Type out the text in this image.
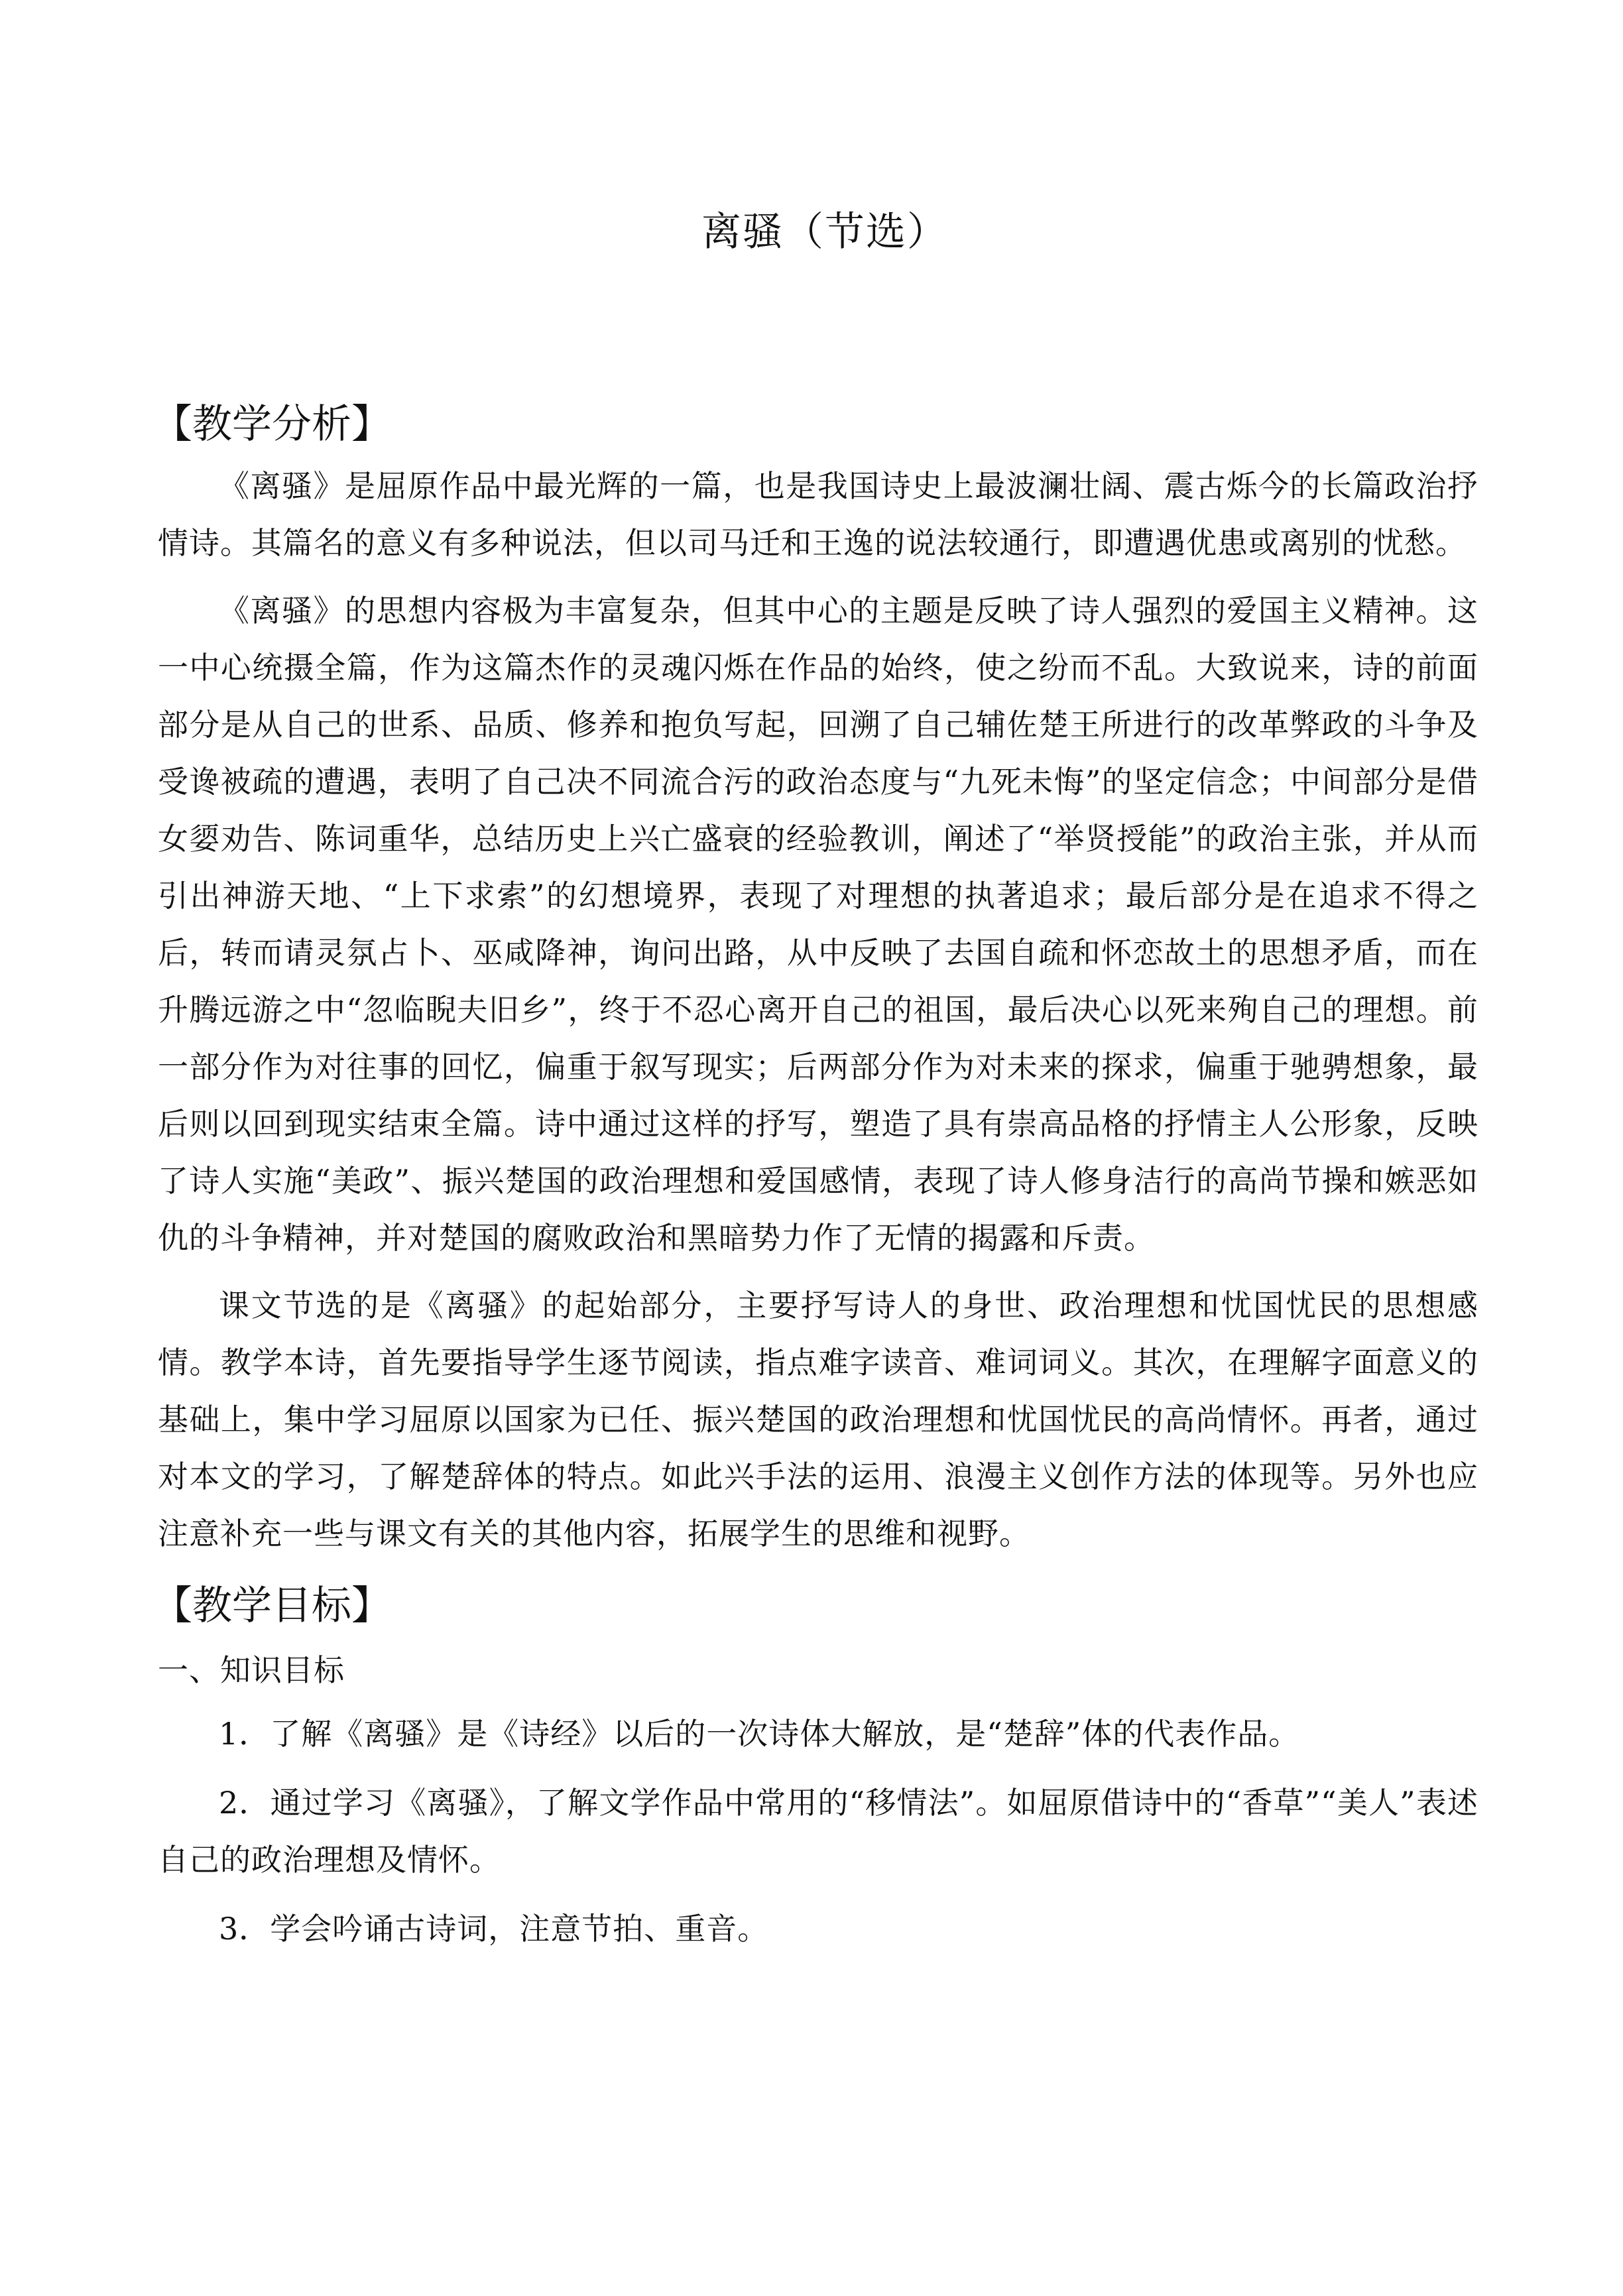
离骚（节选）
【教学分析】

《离骚》是屈原作品中最光辉的一篇，也是我国诗史上最波澜壮阔、震古烁今的长篇政治抒情诗。其篇名的意义有多种说法，但以司马迁和王逸的说法较通行，即遭遇优患或离别的忧愁。

《离骚》的思想内容极为丰富复杂，但其中心的主题是反映了诗人强烈的爱国主义精神。这一中心统摄全篇，作为这篇杰作的灵魂闪烁在作品的始终，使之纷而不乱。大致说来，诗的前面部分是从自己的世系、品质、修养和抱负写起，回溯了自己辅佐楚王所进行的改革弊政的斗争及受谗被疏的遭遇，表明了自己决不同流合污的政治态度与“九死未悔”的坚定信念；中间部分是借女媭劝告、陈词重华，总结历史上兴亡盛衰的经验教训，阐述了“举贤授能”的政治主张，并从而引出神游天地、“上下求索”的幻想境界，表现了对理想的执著追求；最后部分是在追求不得之后，转而请灵氛占卜、巫咸降神，询问出路，从中反映了去国自疏和怀恋故土的思想矛盾，而在升腾远游之中“忽临睨夫旧乡”，终于不忍心离开自己的祖国，最后决心以死来殉自己的理想。前一部分作为对往事的回忆，偏重于叙写现实；后两部分作为对未来的探求，偏重于驰骋想象，最后则以回到现实结束全篇。诗中通过这样的抒写，塑造了具有崇高品格的抒情主人公形象，反映了诗人实施“美政”、振兴楚国的政治理想和爱国感情，表现了诗人修身洁行的高尚节操和嫉恶如仇的斗争精神，并对楚国的腐败政治和黑暗势力作了无情的揭露和斥责。

课文节选的是《离骚》的起始部分，主要抒写诗人的身世、政治理想和忧国忧民的思想感情。教学本诗，首先要指导学生逐节阅读，指点难字读音、难词词义。其次，在理解字面意义的基础上，集中学习屈原以国家为已任、振兴楚国的政治理想和忧国忧民的高尚情怀。再者，通过对本文的学习，了解楚辞体的特点。如此兴手法的运用、浪漫主义创作方法的体现等。另外也应注意补充一些与课文有关的其他内容，拓展学生的思维和视野。

【教学目标】
一、知识目标

1．了解《离骚》是《诗经》以后的一次诗体大解放，是“楚辞”体的代表作品。

2．通过学习《离骚》，了解文学作品中常用的“移情法”。如屈原借诗中的“香草”“美人”表述自己的政治理想及情怀。

3．学会吟诵古诗词，注意节拍、重音。
